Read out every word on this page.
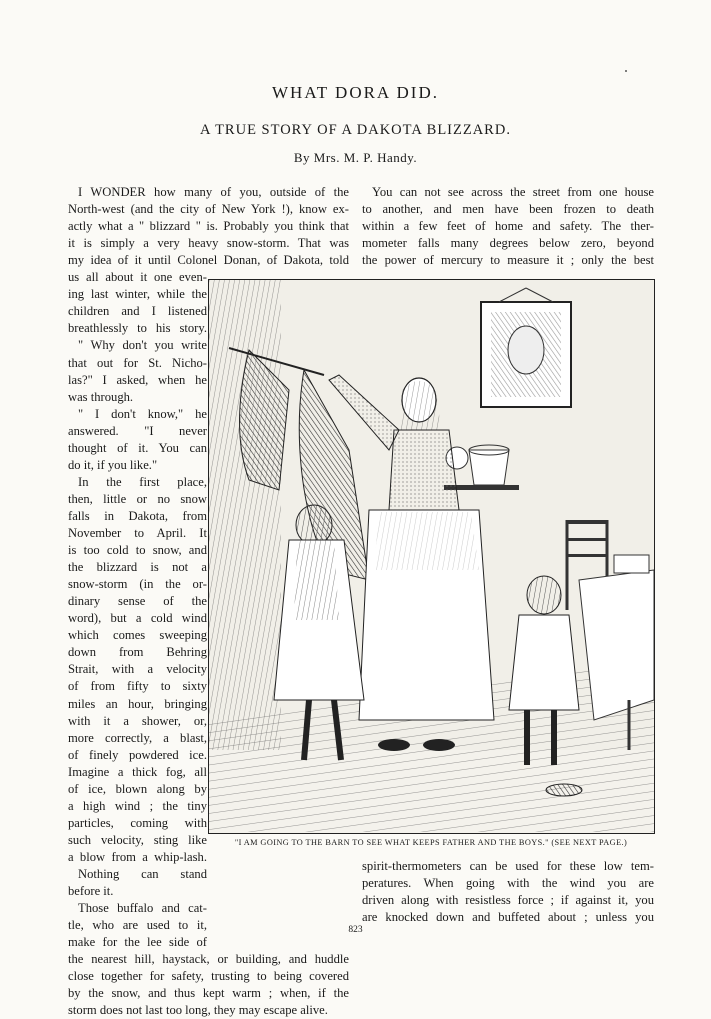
WHAT DORA DID.
A TRUE STORY OF A DAKOTA BLIZZARD.
By Mrs. M. P. Handy.
I WONDER how many of you, outside of the
North-west (and the city of New York !), know ex-
actly what a " blizzard " is. Probably you think that
it is simply a very heavy snow-storm. That was
my idea of it until Colonel Donan, of Dakota, told
us all about it one even-
ing last winter, while the
children and I listened
breathlessly to his story.
" Why don't you write
that out for St. Nicho-
las?" I asked, when he
was through.
" I don't know," he
answered. "I never
thought of it. You can
do it, if you like."
In the first place,
then, little or no snow
falls in Dakota, from
November to April. It
is too cold to snow, and
the blizzard is not a
snow-storm (in the or-
dinary sense of the
word), but a cold wind
which comes sweeping
down from Behring
Strait, with a velocity
of from fifty to sixty
miles an hour, bringing
with it a shower, or,
more correctly, a blast,
of finely powdered ice.
Imagine a thick fog, all
of ice, blown along by
a high wind ; the tiny
particles, coming with
such velocity, sting like
a blow from a whip-lash.
Nothing can stand
before it.
Those buffalo and cat-
tle, who are used to it,
make for the lee side of
the nearest hill, haystack, or building, and huddle
close together for safety, trusting to being covered
by the snow, and thus kept warm ; when, if the
storm does not last too long, they may escape alive.
You can not see across the street from one house
to another, and men have been frozen to death
within a few feet of home and safety. The ther-
mometer falls many degrees below zero, beyond
the power of mercury to measure it ; only the best
spirit-thermometers can be used for these low tem-
peratures. When going with the wind you are
driven along with resistless force ; if against it, you
are knocked down and buffeted about ; unless you
"I AM GOING TO THE BARN TO SEE WHAT KEEPS FATHER AND THE BOYS." (SEE NEXT PAGE.)
823
